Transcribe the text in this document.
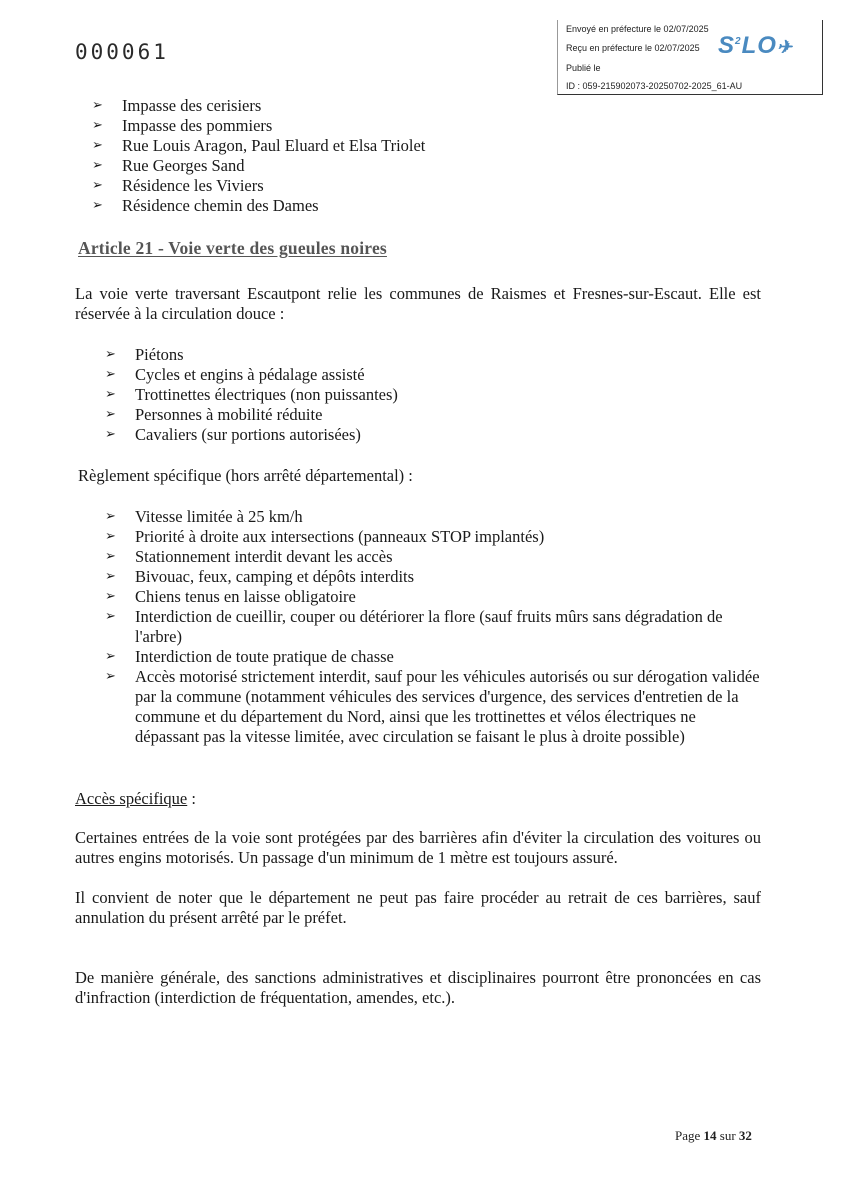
000061
Envoyé en préfecture le 02/07/2025
Reçu en préfecture le 02/07/2025
Publié le
ID : 059-215902073-20250702-2025_61-AU
$S^2LO✈$
➢ Impasse des cerisiers
➢ Impasse des pommiers
➢ Rue Louis Aragon, Paul Eluard et Elsa Triolet
➢ Rue Georges Sand
➢ Résidence les Viviers
➢ Résidence chemin des Dames
Article 21 - Voie verte des gueules noires
La voie verte traversant Escautpont relie les communes de Raismes et Fresnes-sur-Escaut. Elle est réservée à la circulation douce :
➢ Piétons
➢ Cycles et engins à pédalage assisté
➢ Trottinettes électriques (non puissantes)
➢ Personnes à mobilité réduite
➢ Cavaliers (sur portions autorisées)
Règlement spécifique (hors arrêté départemental) :
➢ Vitesse limitée à 25 km/h
➢ Priorité à droite aux intersections (panneaux STOP implantés)
➢ Stationnement interdit devant les accès
➢ Bivouac, feux, camping et dépôts interdits
➢ Chiens tenus en laisse obligatoire
➢ Interdiction de cueillir, couper ou détériorer la flore (sauf fruits mûrs sans dégradation de l'arbre)
➢ Interdiction de toute pratique de chasse
➢ Accès motorisé strictement interdit, sauf pour les véhicules autorisés ou sur dérogation validée par la commune (notamment véhicules des services d'urgence, des services d'entretien de la commune et du département du Nord, ainsi que les trottinettes et vélos électriques ne dépassant pas la vitesse limitée, avec circulation se faisant le plus à droite possible)
Accès spécifique :
Certaines entrées de la voie sont protégées par des barrières afin d'éviter la circulation des voitures ou autres engins motorisés. Un passage d'un minimum de 1 mètre est toujours assuré.
Il convient de noter que le département ne peut pas faire procéder au retrait de ces barrières, sauf annulation du présent arrêté par le préfet.
De manière générale, des sanctions administratives et disciplinaires pourront être prononcées en cas d'infraction (interdiction de fréquentation, amendes, etc.).
Page 14 sur 32
